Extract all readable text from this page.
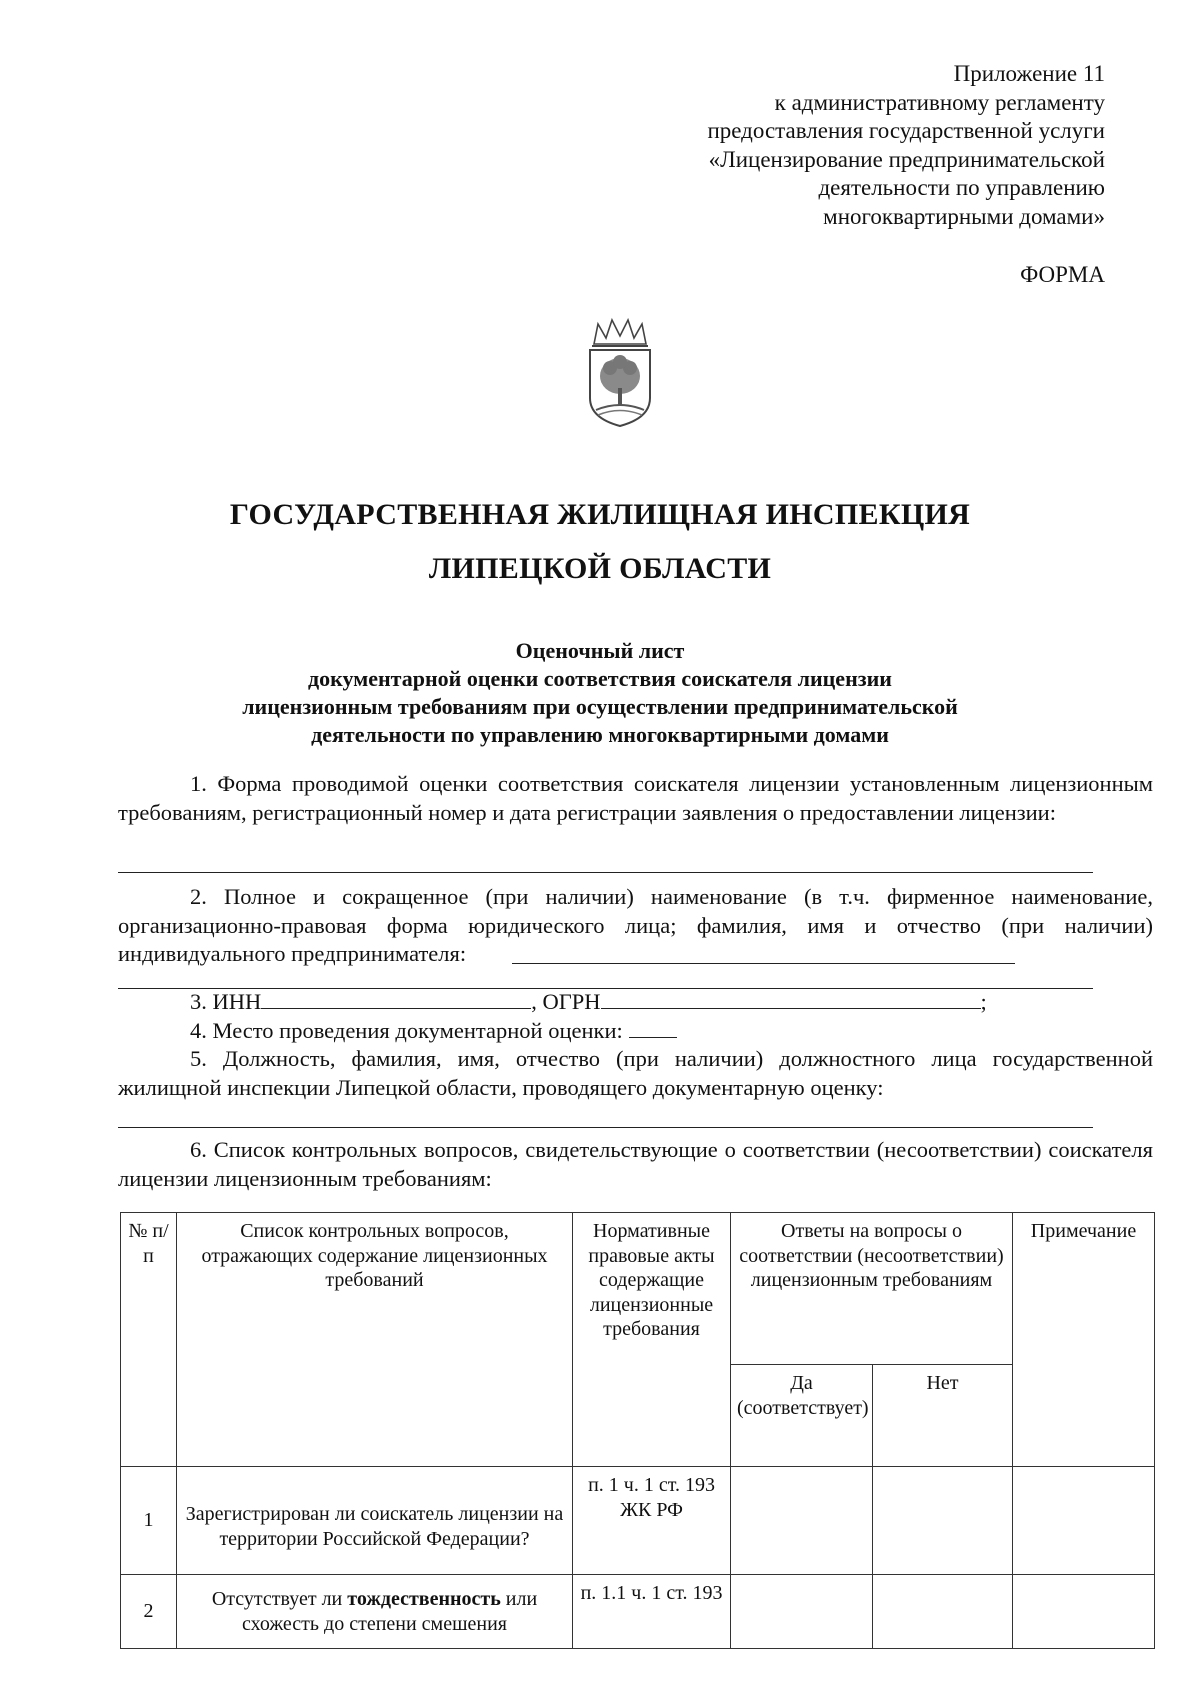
Приложение 11
к административному регламенту
предоставления государственной услуги
«Лицензирование предпринимательской
деятельности по управлению
многоквартирными домами»
ФОРМА
ГОСУДАРСТВЕННАЯ ЖИЛИЩНАЯ ИНСПЕКЦИЯ
ЛИПЕЦКОЙ ОБЛАСТИ
Оценочный лист
документарной оценки соответствия соискателя лицензии
лицензионным требованиям при осуществлении предпринимательской
деятельности по управлению многоквартирными домами
1. Форма проводимой оценки соответствия соискателя лицензии установленным лицензионным требованиям, регистрационный номер и дата регистрации заявления о предоставлении лицензии:
2. Полное и сокращенное (при наличии) наименование (в т.ч. фирменное наименование, организационно-правовая форма юридического лица; фамилия, имя и отчество (при наличии) индивидуального предпринимателя:
3. ИНН	, ОГРН	;
4. Место проведения документарной оценки:
5. Должность, фамилия, имя, отчество (при наличии) должностного лица государственной жилищной инспекции Липецкой области, проводящего документарную оценку:
6. Список контрольных вопросов, свидетельствующие о соответствии (несоответствии) соискателя лицензии лицензионным требованиям:
№ п/ п	Список контрольных вопросов, отражающих содержание лицензионных требований	Нормативные правовые акты содержащие лицензионные требования	Ответы на вопросы о соответствии (несоответствии) лицензионным требованиям		Примечание
			Да (соответствует)	Нет	
1	Зарегистрирован ли соискатель лицензии на территории Российской Федерации?	п. 1 ч. 1 ст. 193 ЖК РФ			
2	Отсутствует ли тождественность или схожесть до степени смешения	п. 1.1 ч. 1 ст. 193			
